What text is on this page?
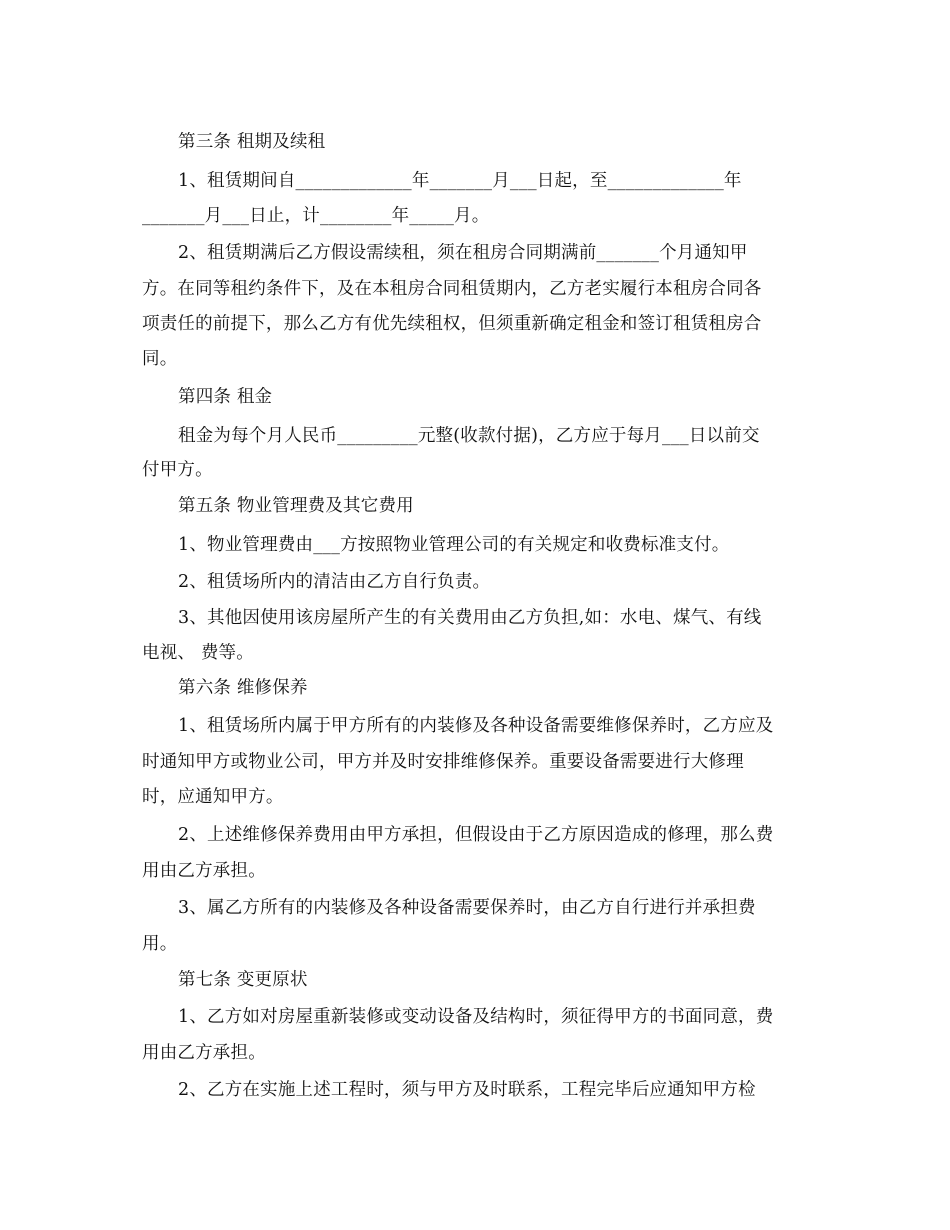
第三条 租期及续租
1、租赁期间自_____________年_______月___日起，至_____________年
_______月___日止，计________年_____月。
2、租赁期满后乙方假设需续租，须在租房合同期满前_______个月通知甲
方。在同等租约条件下，及在本租房合同租赁期内，乙方老实履行本租房合同各
项责任的前提下，那么乙方有优先续租权，但须重新确定租金和签订租赁租房合
同。
第四条 租金
租金为每个月人民币_________元整(收款付据)，乙方应于每月___日以前交
付甲方。
第五条 物业管理费及其它费用
1、物业管理费由___方按照物业管理公司的有关规定和收费标准支付。
2、租赁场所内的清洁由乙方自行负责。
3、其他因使用该房屋所产生的有关费用由乙方负担,如：水电、煤气、有线
电视、 费等。
第六条 维修保养
1、租赁场所内属于甲方所有的内装修及各种设备需要维修保养时，乙方应及
时通知甲方或物业公司，甲方并及时安排维修保养。重要设备需要进行大修理
时，应通知甲方。
2、上述维修保养费用由甲方承担，但假设由于乙方原因造成的修理，那么费
用由乙方承担。
3、属乙方所有的内装修及各种设备需要保养时，由乙方自行进行并承担费
用。
第七条 变更原状
1、乙方如对房屋重新装修或变动设备及结构时，须征得甲方的书面同意，费
用由乙方承担。
2、乙方在实施上述工程时，须与甲方及时联系，工程完毕后应通知甲方检
